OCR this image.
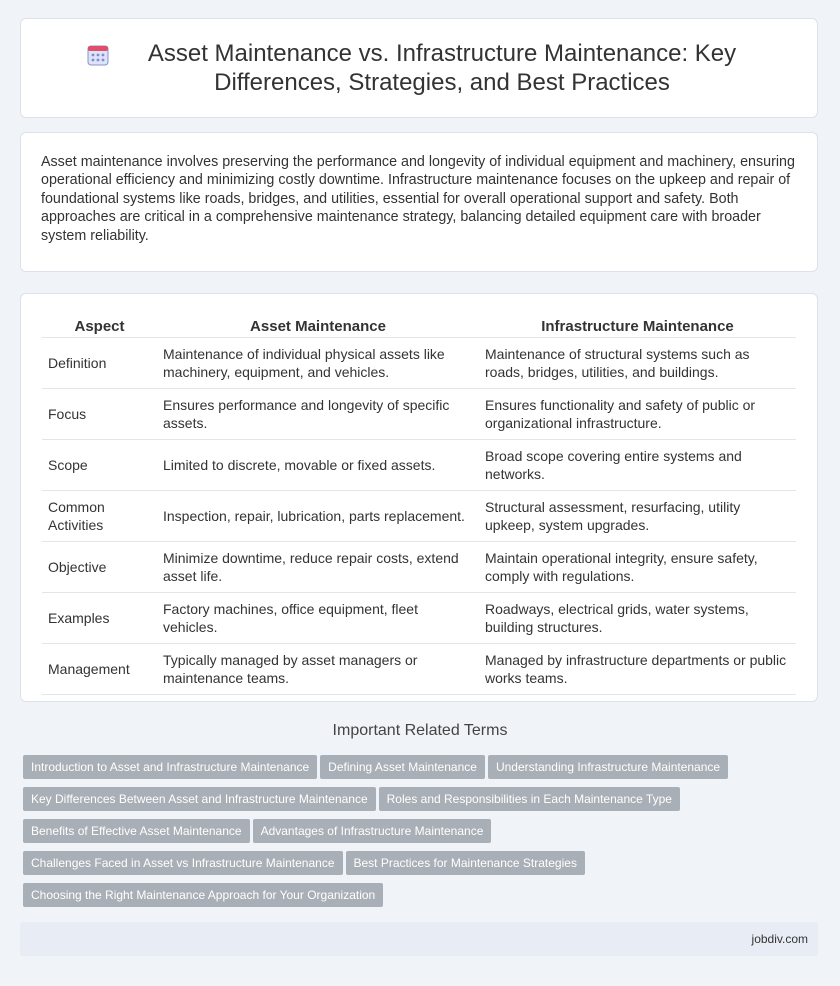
Asset Maintenance vs. Infrastructure Maintenance: Key Differences, Strategies, and Best Practices

Asset maintenance involves preserving the performance and longevity of individual equipment and machinery, ensuring operational efficiency and minimizing costly downtime. Infrastructure maintenance focuses on the upkeep and repair of foundational systems like roads, bridges, and utilities, essential for overall operational support and safety. Both approaches are critical in a comprehensive maintenance strategy, balancing detailed equipment care with broader system reliability.

Aspect	Asset Maintenance	Infrastructure Maintenance
Definition	Maintenance of individual physical assets like machinery, equipment, and vehicles.	Maintenance of structural systems such as roads, bridges, utilities, and buildings.
Focus	Ensures performance and longevity of specific assets.	Ensures functionality and safety of public or organizational infrastructure.
Scope	Limited to discrete, movable or fixed assets.	Broad scope covering entire systems and networks.
Common Activities	Inspection, repair, lubrication, parts replacement.	Structural assessment, resurfacing, utility upkeep, system upgrades.
Objective	Minimize downtime, reduce repair costs, extend asset life.	Maintain operational integrity, ensure safety, comply with regulations.
Examples	Factory machines, office equipment, fleet vehicles.	Roadways, electrical grids, water systems, building structures.
Management	Typically managed by asset managers or maintenance teams.	Managed by infrastructure departments or public works teams.
Important Related Terms
Introduction to Asset and Infrastructure Maintenance Defining Asset Maintenance Understanding Infrastructure Maintenance
Key Differences Between Asset and Infrastructure Maintenance Roles and Responsibilities in Each Maintenance Type
Benefits of Effective Asset Maintenance Advantages of Infrastructure Maintenance
Challenges Faced in Asset vs Infrastructure Maintenance Best Practices for Maintenance Strategies
Choosing the Right Maintenance Approach for Your Organization
jobdiv.com
